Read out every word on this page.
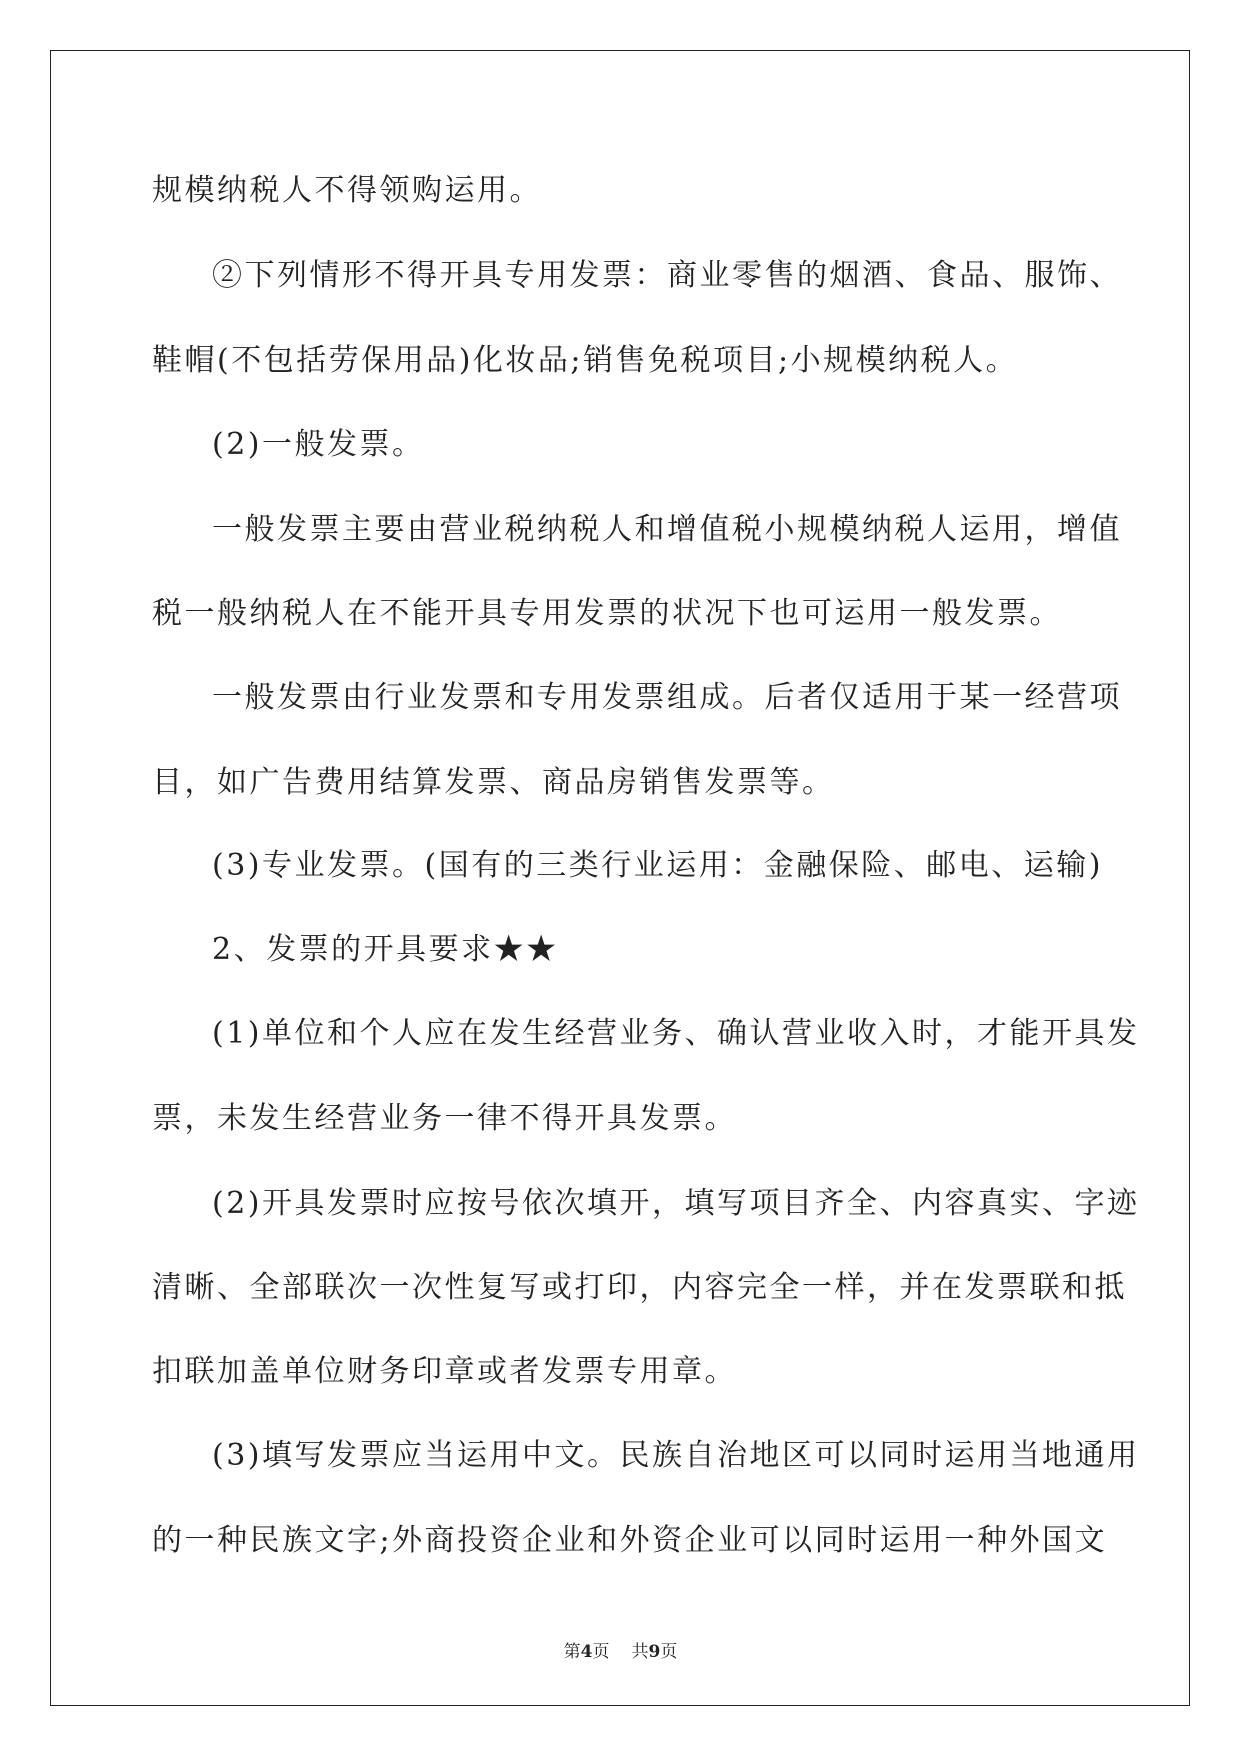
规模纳税人不得领购运用。
②下列情形不得开具专用发票：商业零售的烟酒、食品、服饰、
鞋帽(不包括劳保用品)化妆品;销售免税项目;小规模纳税人。
(2)一般发票。
一般发票主要由营业税纳税人和增值税小规模纳税人运用，增值
税一般纳税人在不能开具专用发票的状况下也可运用一般发票。
一般发票由行业发票和专用发票组成。后者仅适用于某一经营项
目，如广告费用结算发票、商品房销售发票等。
(3)专业发票。(国有的三类行业运用：金融保险、邮电、运输)
2、发票的开具要求★★
(1)单位和个人应在发生经营业务、确认营业收入时，才能开具发
票，未发生经营业务一律不得开具发票。
(2)开具发票时应按号依次填开，填写项目齐全、内容真实、字迹
清晰、全部联次一次性复写或打印，内容完全一样，并在发票联和抵
扣联加盖单位财务印章或者发票专用章。
(3)填写发票应当运用中文。民族自治地区可以同时运用当地通用
的一种民族文字;外商投资企业和外资企业可以同时运用一种外国文
第4页 共9页
